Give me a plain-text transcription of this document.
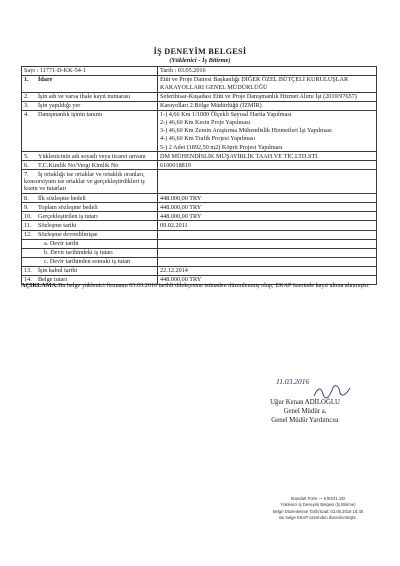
İŞ DENEYİM BELGESİ
(Yüklenici - İş Bitirme)
Sayı : 11771-D-KK-54-1	Tarih : 03.05.2016
1. İdare	Etüt ve Proje Dairesi Başkanlığı DİĞER ÖZEL BÜTÇELİ KURULUŞLAR KARAYOLLARI GENEL MÜDÜRLÜĞÜ

2. İşin adı ve varsa ihale kayıt numarası	Seferihisar-Kuşadası Etüt ve Proje Danışmanlık Hizmet Alımı İşi (2010/97657)

3. İşin yapıldığı yer	Karayolları 2.Bölge Müdürlüğü (İZMİR)

4. Danışmanlık işinin tanımı	1-) 4,66 Km 1/1000 Ölçekli Sayısal Harita Yapılması
2-) 46,60 Km Kesin Proje Yapılması
3-) 46,60 Km Zemin Araştırma Mühendislik Hizmetleri İşi Yapılması
4-) 46,60 Km Trafik Projesi Yapılması
5-) 2 Adet (1892,50 m2) Köprü Projesi Yapılması

5. Yüklenicinin adı soyadı veya ticaret unvanı	DM MÜHENDİSLİK MÜŞAVİRLİK TAAH.VE TİC.LTD.STİ.

6. T.C.Kimlik No/Vergi Kimlik No	6100018819

7. İş ortaklığı ise ortaklar ve ortaklık oranları, konsorsiyum ise ortaklar ve gerçekleştirdikleri iş kısmı ve tutarları	

8. İlk sözleşme bedeli	448.000,00 TRY

9. Toplam sözleşme bedeli	448.000,00 TRY

10. Gerçekleştirilen iş tutarı	448.000,00 TRY

11. Sözleşme tarihi	09.02.2011

12. Sözleşme devredilmişse	

a. Devir tarihi	

b. Devir tarihindeki iş tutarı	

c. Devir tarihinden sonraki iş tutarı	

13. İşin kabul tarihi	22.12.2014

14. Belge tutarı	448.000,00 TRY
AÇIKLAMA:Bu belge yüklenici firmanın 03.03.2016 tarihli dilekçesine istinaden düzenlenmiş olup; EKAP üzerinde kayıt altına alınmıştır.
11.03.2016
Uğur Kenan ADİLOĞLU
Genel Müdür a.
Genel Müdür Yardımcısı
Standart Form — KİK031.1/D
Yüklenici İş Deneyim Belgesi (İş Bitirme)
Belge Düzenlenme Tarih/Saat: 03.05.2016 15:45
Bu belge EKAP üzerinden düzenlenmiştir.
